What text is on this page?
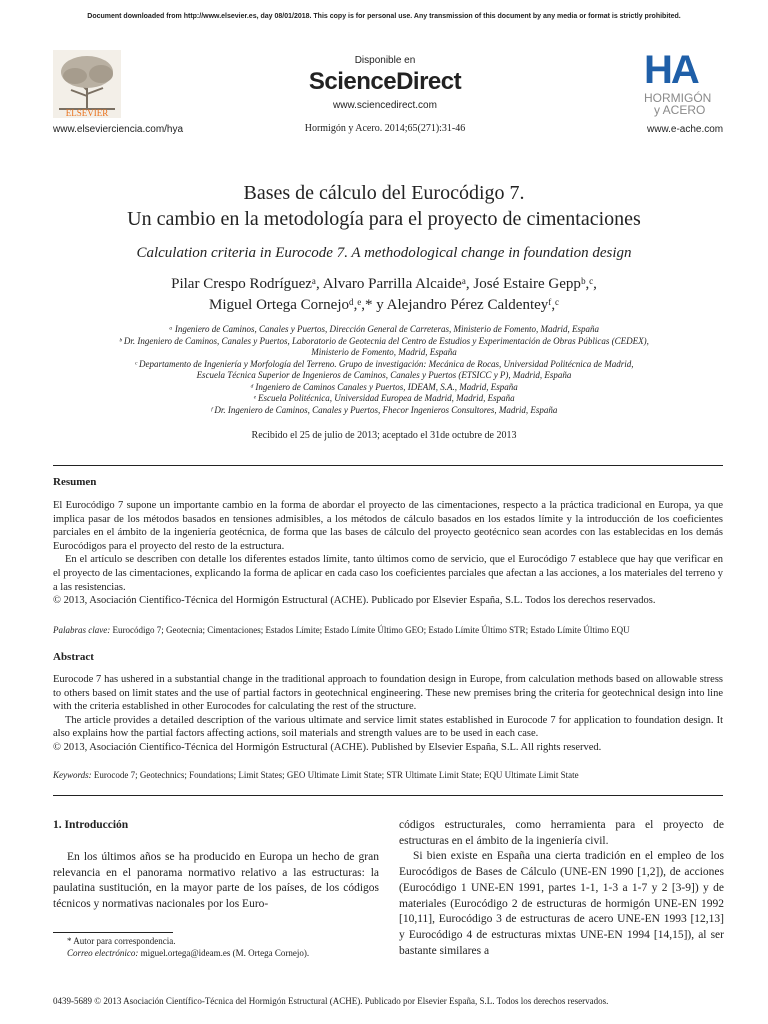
Document downloaded from http://www.elsevier.es, day 08/01/2018. This copy is for personal use. Any transmission of this document by any media or format is strictly prohibited.
ELSEVIER
www.elsevierciencia.com/hya
Disponible en
ScienceDirect
www.sciencedirect.com
Hormigón y Acero. 2014;65(271):31-46
HA
HORMIGÓN
y ACERO
www.e-ache.com
Bases de cálculo del Eurocódigo 7.
Un cambio en la metodología para el proyecto de cimentaciones
Calculation criteria in Eurocode 7. A methodological change in foundation design
Pilar Crespo Rodríguezᵃ, Alvaro Parrilla Alcaideᵃ, José Estaire Geppᵇ,ᶜ,
Miguel Ortega Cornejoᵈ,ᵉ,* y Alejandro Pérez Caldenteyᶠ,ᶜ
ᵃ Ingeniero de Caminos, Canales y Puertos, Dirección General de Carreteras, Ministerio de Fomento, Madrid, España
ᵇ Dr. Ingeniero de Caminos, Canales y Puertos, Laboratorio de Geotecnia del Centro de Estudios y Experimentación de Obras Públicas (CEDEX),
Ministerio de Fomento, Madrid, España
ᶜ Departamento de Ingeniería y Morfología del Terreno. Grupo de investigación: Mecánica de Rocas, Universidad Politécnica de Madrid,
Escuela Técnica Superior de Ingenieros de Caminos, Canales y Puertos (ETSICC y P), Madrid, España
ᵈ Ingeniero de Caminos Canales y Puertos, IDEAM, S.A., Madrid, España
ᵉ Escuela Politécnica, Universidad Europea de Madrid, Madrid, España
ᶠ Dr. Ingeniero de Caminos, Canales y Puertos, Fhecor Ingenieros Consultores, Madrid, España
Recibido el 25 de julio de 2013; aceptado el 31de octubre de 2013
Resumen
El Eurocódigo 7 supone un importante cambio en la forma de abordar el proyecto de las cimentaciones, respecto a la práctica tradicional en Europa, ya que implica pasar de los métodos basados en tensiones admisibles, a los métodos de cálculo basados en los estados límite y la introducción de los coeficientes parciales en el ámbito de la ingeniería geotécnica, de forma que las bases de cálculo del proyecto geotécnico sean acordes con las establecidas en los demás Eurocódigos para el proyecto del resto de la estructura.
En el artículo se describen con detalle los diferentes estados límite, tanto últimos como de servicio, que el Eurocódigo 7 establece que hay que verificar en el proyecto de las cimentaciones, explicando la forma de aplicar en cada caso los coeficientes parciales que afectan a las acciones, a los materiales del terreno y a las resistencias.
© 2013, Asociación Científico-Técnica del Hormigón Estructural (ACHE). Publicado por Elsevier España, S.L. Todos los derechos reservados.
Palabras clave: Eurocódigo 7; Geotecnia; Cimentaciones; Estados Límite; Estado Límite Último GEO; Estado Límite Último STR; Estado Límite Último EQU
Abstract
Eurocode 7 has ushered in a substantial change in the traditional approach to foundation design in Europe, from calculation methods based on allowable stress to others based on limit states and the use of partial factors in geotechnical engineering. These new premises bring the criteria for geotechnical design into line with the criteria established in other Eurocodes for calculating the rest of the structure.
The article provides a detailed description of the various ultimate and service limit states established in Eurocode 7 for application to foundation design. It also explains how the partial factors affecting actions, soil materials and strength values are to be used in each case.
© 2013, Asociación Científico-Técnica del Hormigón Estructural (ACHE). Published by Elsevier España, S.L. All rights reserved.
Keywords: Eurocode 7; Geotechnics; Foundations; Limit States; GEO Ultimate Limit State; STR Ultimate Limit State; EQU Ultimate Limit State
1. Introducción
En los últimos años se ha producido en Europa un hecho de gran relevancia en el panorama normativo relativo a las estructuras: la paulatina sustitución, en la mayor parte de los países, de los códigos técnicos y normativas nacionales por los Euro-
códigos estructurales, como herramienta para el proyecto de estructuras en el ámbito de la ingeniería civil.
Si bien existe en España una cierta tradición en el empleo de los Eurocódigos de Bases de Cálculo (UNE-EN 1990 [1,2]), de acciones (Eurocódigo 1 UNE-EN 1991, partes 1-1, 1-3 a 1-7 y 2 [3-9]) y de materiales (Eurocódigo 2 de estructuras de hormigón UNE-EN 1992 [10,11], Eurocódigo 3 de estructuras de acero UNE-EN 1993 [12,13] y Eurocódigo 4 de estructuras mixtas UNE-EN 1994 [14,15]), al ser bastante similares a
* Autor para correspondencia.
Correo electrónico: miguel.ortega@ideam.es (M. Ortega Cornejo).
0439-5689 © 2013 Asociación Científico-Técnica del Hormigón Estructural (ACHE). Publicado por Elsevier España, S.L. Todos los derechos reservados.
